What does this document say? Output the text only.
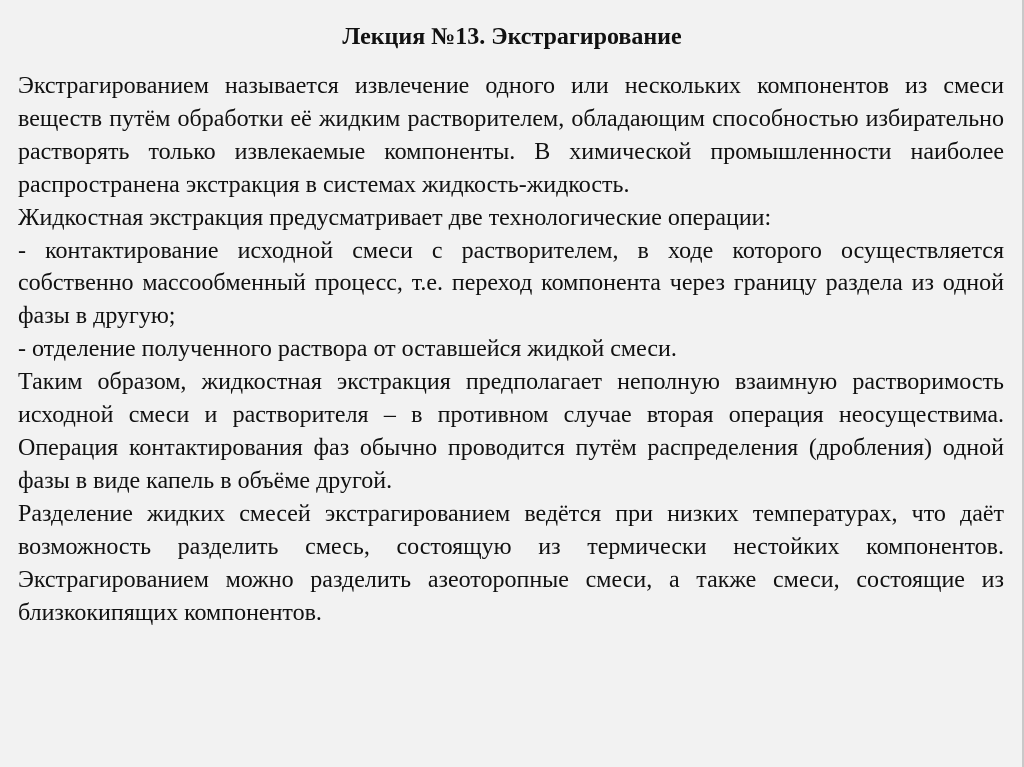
Лекция №13. Экстрагирование

Экстрагированием называется извлечение одного или нескольких компонентов из смеси веществ путём обработки её жидким растворителем, обладающим способностью избирательно растворять только извлекаемые компоненты. В химической промышленности наиболее распространена экстракция в системах жидкость-жидкость.

Жидкостная экстракция предусматривает две технологические операции:

- контактирование исходной смеси с растворителем, в ходе которого осуществляется собственно массообменный процесс, т.е. переход компонента через границу раздела из одной фазы в другую;

- отделение полученного раствора от оставшейся жидкой смеси.

Таким образом, жидкостная экстракция предполагает неполную взаимную растворимость исходной смеси и растворителя – в противном случае вторая операция неосуществима. Операция контактирования фаз обычно проводится путём распределения (дробления) одной фазы в виде капель в объёме другой.

Разделение жидких смесей экстрагированием ведётся при низких температурах, что даёт возможность разделить смесь, состоящую из термически нестойких компонентов. Экстрагированием можно разделить азеоторопные смеси, а также смеси, состоящие из близкокипящих компонентов.
